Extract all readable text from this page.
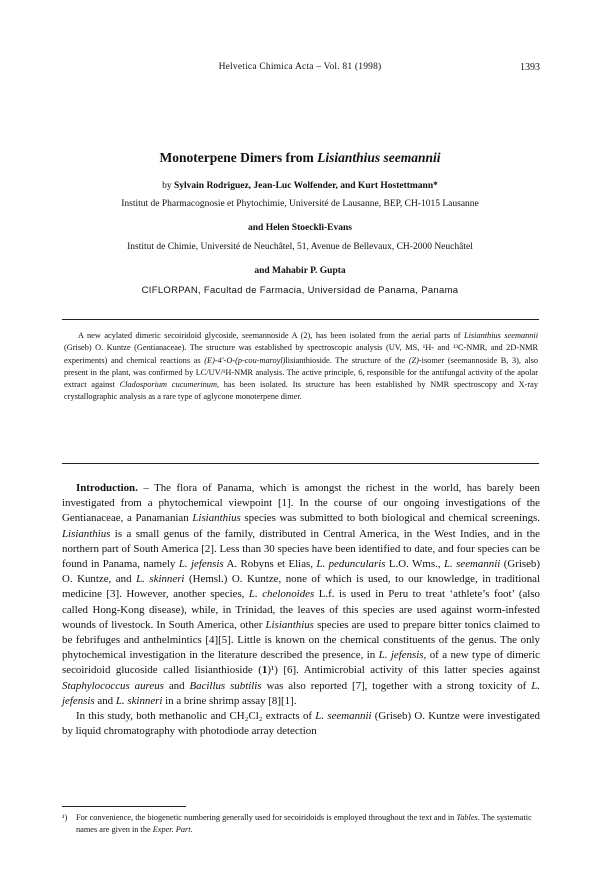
Helvetica Chimica Acta – Vol. 81 (1998)	1393
Monoterpene Dimers from Lisianthius seemannii
by Sylvain Rodriguez, Jean-Luc Wolfender, and Kurt Hostettmann*
Institut de Pharmacognosie et Phytochimie, Université de Lausanne, BEP, CH-1015 Lausanne
and Helen Stoeckli-Evans
Institut de Chimie, Université de Neuchâtel, 51, Avenue de Bellevaux, CH-2000 Neuchâtel
and Mahabir P. Gupta
CIFLORPAN, Facultad de Farmacia, Universidad de Panama, Panama

A new acylated dimeric secoiridoid glycoside, seemannoside A (2), has been isolated from the aerial parts of Lisianthius seemannii (Griseb) O. Kuntze (Gentianaceae). The structure was established by spectroscopic analysis (UV, MS, ¹H- and ¹³C-NMR, and 2D-NMR experiments) and chemical reactions as (E)-4′-O-(p-cou-maroyl)lisianthioside. The structure of the (Z)-isomer (seemannoside B, 3), also present in the plant, was confirmed by LC/UV/¹H-NMR analysis. The active principle, 6, responsible for the antifungal activity of the apolar extract against Cladosporium cucumerinum, has been isolated. Its structure has been established by NMR spectroscopy and X-ray crystallographic analysis as a rare type of aglycone monoterpene dimer.

Introduction. – The flora of Panama, which is amongst the richest in the world, has barely been investigated from a phytochemical viewpoint [1]. In the course of our ongoing investigations of the Gentianaceae, a Panamanian Lisianthius species was submitted to both biological and chemical screenings. Lisianthius is a small genus of the family, distributed in Central America, in the West Indies, and in the northern part of South America [2]. Less than 30 species have been identified to date, and four species can be found in Panama, namely L. jefensis A. Robyns et Elias, L. peduncularis L.O. Wms., L. seemannii (Griseb) O. Kuntze, and L. skinneri (Hemsl.) O. Kuntze, none of which is used, to our knowledge, in traditional medicine [3]. However, another species, L. chelonoides L.f. is used in Peru to treat ‘athlete’s foot’ (also called Hong-Kong disease), while, in Trinidad, the leaves of this species are used against worm-infested wounds of livestock. In South America, other Lisianthius species are used to prepare bitter tonics claimed to be febrifuges and anthelmintics [4][5]. Little is known on the chemical constituents of the genus. The only phytochemical investigation in the literature described the presence, in L. jefensis, of a new type of dimeric secoiridoid glucoside called lisianthioside (1)¹) [6]. Antimicrobial activity of this latter species against Staphylococcus aureus and Bacillus subtilis was also reported [7], together with a strong toxicity of L. jefensis and L. skinneri in a brine shrimp assay [8][1].

In this study, both methanolic and CH₂Cl₂ extracts of L. seemannii (Griseb) O. Kuntze were investigated by liquid chromatography with photodiode array detection

¹) For convenience, the biogenetic numbering generally used for secoiridoids is employed throughout the text and in Tables. The systematic names are given in the Exper. Part.
